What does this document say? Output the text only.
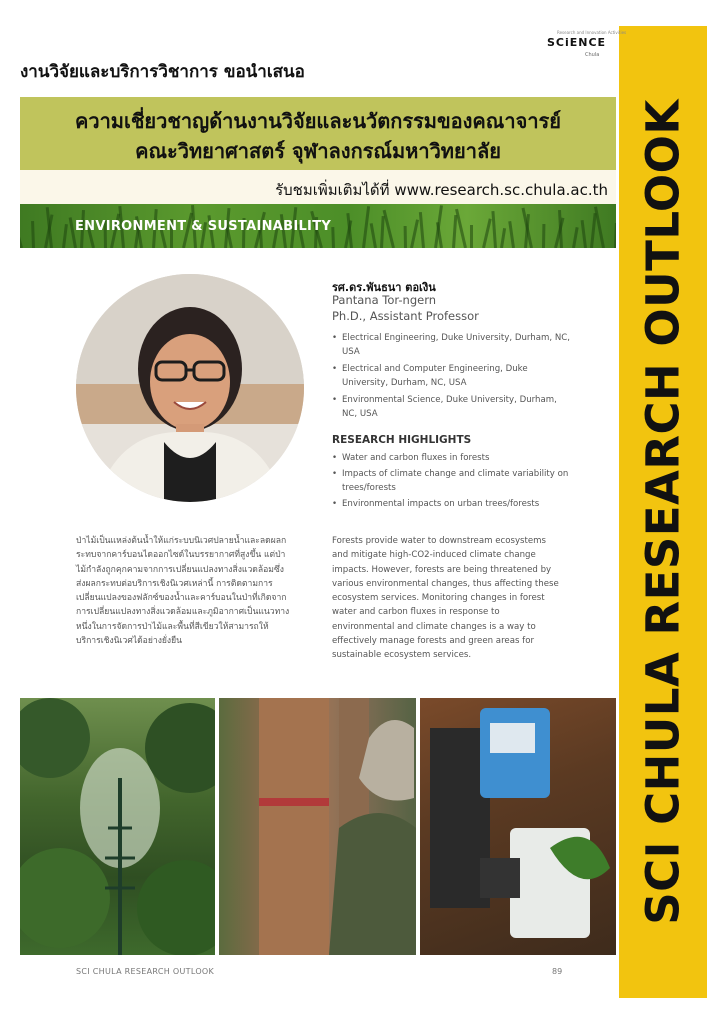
SCI CHULA RESEARCH OUTLOOK
Research and Innovation Activities
SCiENCE
Chula
งานวิจัยและบริการวิชาการ ขอนำเสนอ
ความเชี่ยวชาญด้านงานวิจัยและนวัตกรรมของคณาจารย์
คณะวิทยาศาสตร์ จุฬาลงกรณ์มหาวิทยาลัย
รับชมเพิ่มเติมได้ที่ www.research.sc.chula.ac.th
ENVIRONMENT & SUSTAINABILITY
รศ.ดร.พันธนา ตอเงิน
Pantana Tor-ngern
Ph.D., Assistant Professor
• Electrical Engineering, Duke University, Durham, NC, USA
• Electrical and Computer Engineering, Duke University, Durham, NC, USA
• Environmental Science, Duke University, Durham, NC, USA
RESEARCH HIGHLIGHTS
• Water and carbon fluxes in forests
• Impacts of climate change and climate variability on trees/forests
• Environmental impacts on urban trees/forests

ป่าไม้เป็นแหล่งต้นน้ำให้แก่ระบบนิเวศปลายน้ำและลดผลกระทบจากคาร์บอนไดออกไซด์ในบรรยากาศที่สูงขึ้น แต่ป่าไม้กำลังถูกคุกคามจากการเปลี่ยนแปลงทางสิ่งแวดล้อมซึ่งส่งผลกระทบต่อบริการเชิงนิเวศเหล่านี้ การติดตามการเปลี่ยนแปลงของฟลักซ์ของน้ำและคาร์บอนในป่าที่เกิดจากการเปลี่ยนแปลงทางสิ่งแวดล้อมและภูมิอากาศเป็นแนวทางหนึ่งในการจัดการป่าไม้และพื้นที่สีเขียวให้สามารถให้บริการเชิงนิเวศได้อย่างยั่งยืน

Forests provide water to downstream ecosystems and mitigate high-CO2-induced climate change impacts. However, forests are being threatened by various environmental changes, thus affecting these ecosystem services. Monitoring changes in forest water and carbon fluxes in response to environmental and climate changes is a way to effectively manage forests and green areas for sustainable ecosystem services.

SCI CHULA RESEARCH OUTLOOK	89
